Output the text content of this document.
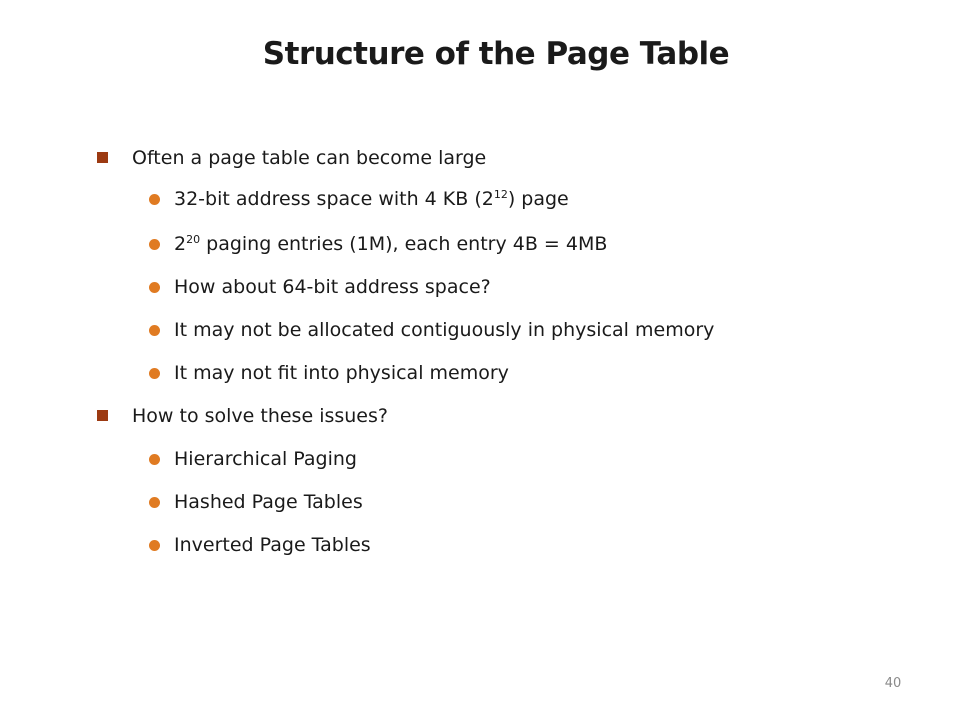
Structure of the Page Table
Often a page table can become large
32-bit address space with 4 KB $(2^{12})$ page
$2^{20}$ paging entries (1M), each entry 4B = 4MB
How about 64-bit address space?
It may not be allocated contiguously in physical memory
It may not fit into physical memory
How to solve these issues?
Hierarchical Paging
Hashed Page Tables
Inverted Page Tables
40
